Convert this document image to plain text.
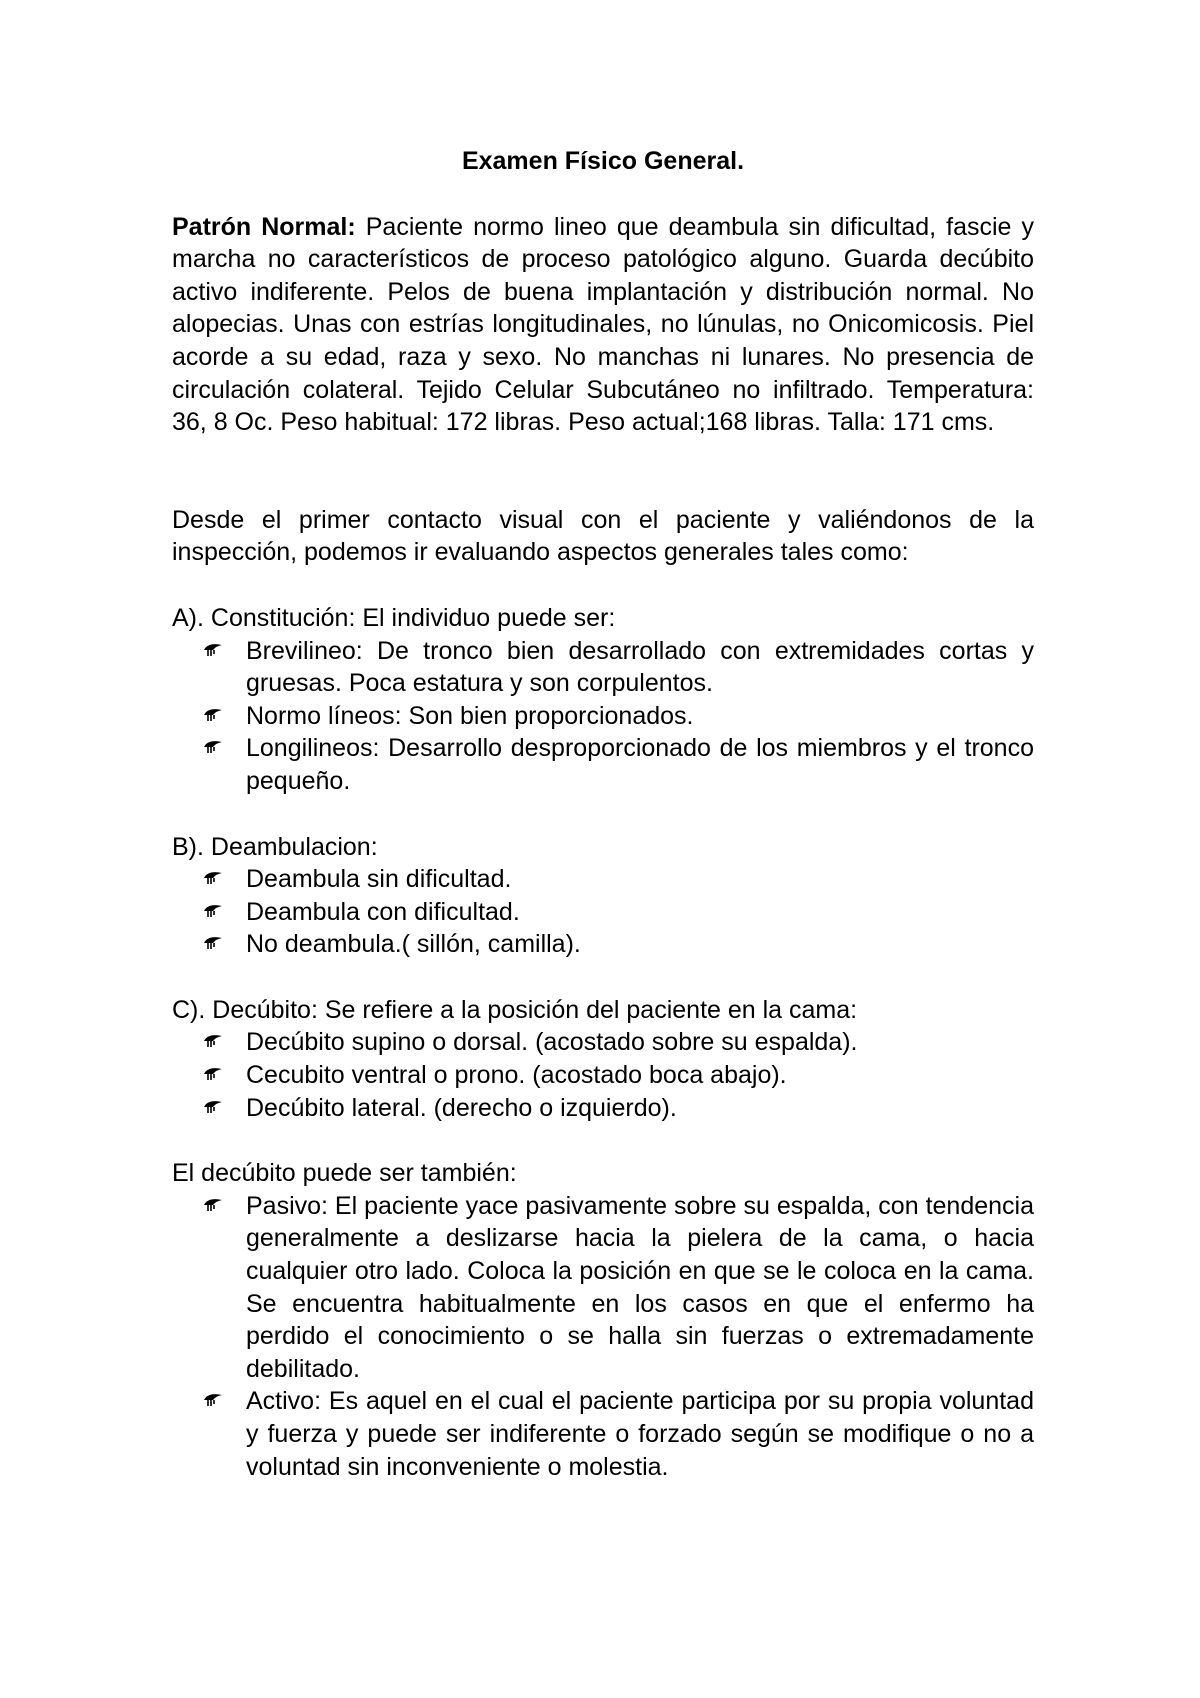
Examen Físico General.

Patrón Normal: Paciente normo lineo que deambula sin dificultad, fascie y marcha no característicos de proceso patológico alguno. Guarda decúbito activo indiferente. Pelos de buena implantación y distribución normal. No alopecias. Unas con estrías longitudinales, no lúnulas, no Onicomicosis. Piel acorde a su edad, raza y sexo. No manchas ni lunares. No presencia de circulación colateral. Tejido Celular Subcutáneo no infiltrado. Temperatura: 36, 8 Oc. Peso habitual: 172 libras. Peso actual;168 libras. Talla: 171 cms.

Desde el primer contacto visual con el paciente y valiéndonos de la inspección, podemos ir evaluando aspectos generales tales como:

A). Constitución: El individuo puede ser:

Brevilineo: De tronco bien desarrollado con extremidades cortas y gruesas. Poca estatura y son corpulentos.
Normo líneos: Son bien proporcionados.
Longilineos: Desarrollo desproporcionado de los miembros y el tronco pequeño.

B). Deambulacion:

Deambula sin dificultad.
Deambula con dificultad.
No deambula.( sillón, camilla).

C). Decúbito: Se refiere a la posición del paciente en la cama:

Decúbito supino o dorsal. (acostado sobre su espalda).
Cecubito ventral o prono. (acostado boca abajo).
Decúbito lateral. (derecho o izquierdo).

El decúbito puede ser también:

Pasivo: El paciente yace pasivamente sobre su espalda, con tendencia generalmente a deslizarse hacia la pielera de la cama, o hacia cualquier otro lado. Coloca la posición en que se le coloca en la cama. Se encuentra habitualmente en los casos en que el enfermo ha perdido el conocimiento o se halla sin fuerzas o extremadamente debilitado.
Activo: Es aquel en el cual el paciente participa por su propia voluntad y fuerza y puede ser indiferente o forzado según se modifique o no a voluntad sin inconveniente o molestia.
